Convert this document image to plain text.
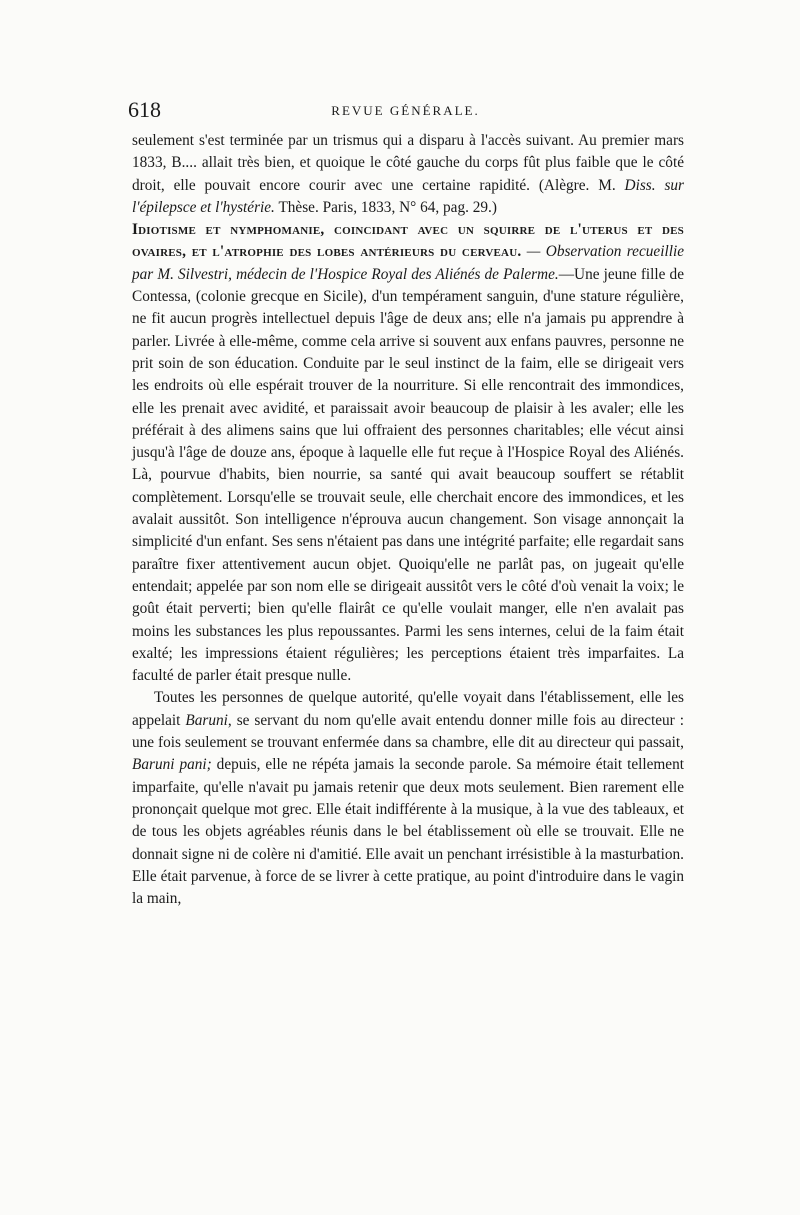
618	REVUE GÉNÉRALE.

seulement s'est terminée par un trismus qui a disparu à l'accès suivant. Au premier mars 1833, B.... allait très bien, et quoique le côté gauche du corps fût plus faible que le côté droit, elle pouvait encore courir avec une certaine rapidité. (Alègre. M. Diss. sur l'épilepsce et l'hystérie. Thèse. Paris, 1833, N° 64, pag. 29.)

Idiotisme et nymphomanie, coincidant avec un squirre de l'uterus et des ovaires, et l'atrophie des lobes antérieurs du cerveau. — Observation recueillie par M. Silvestri, médecin de l'Hospice Royal des Aliénés de Palerme.—Une jeune fille de Contessa, (colonie grecque en Sicile), d'un tempérament sanguin, d'une stature régulière, ne fit aucun progrès intellectuel depuis l'âge de deux ans; elle n'a jamais pu apprendre à parler. Livrée à elle-même, comme cela arrive si souvent aux enfans pauvres, personne ne prit soin de son éducation. Conduite par le seul instinct de la faim, elle se dirigeait vers les endroits où elle espérait trouver de la nourriture. Si elle rencontrait des immondices, elle les prenait avec avidité, et paraissait avoir beaucoup de plaisir à les avaler; elle les préférait à des alimens sains que lui offraient des personnes charitables; elle vécut ainsi jusqu'à l'âge de douze ans, époque à laquelle elle fut reçue à l'Hospice Royal des Aliénés. Là, pourvue d'habits, bien nourrie, sa santé qui avait beaucoup souffert se rétablit complètement. Lorsqu'elle se trouvait seule, elle cherchait encore des immondices, et les avalait aussitôt. Son intelligence n'éprouva aucun changement. Son visage annonçait la simplicité d'un enfant. Ses sens n'étaient pas dans une intégrité parfaite; elle regardait sans paraître fixer attentivement aucun objet. Quoiqu'elle ne parlât pas, on jugeait qu'elle entendait; appelée par son nom elle se dirigeait aussitôt vers le côté d'où venait la voix; le goût était perverti; bien qu'elle flairât ce qu'elle voulait manger, elle n'en avalait pas moins les substances les plus repoussantes. Parmi les sens internes, celui de la faim était exalté; les impressions étaient régulières; les perceptions étaient très imparfaites. La faculté de parler était presque nulle.

Toutes les personnes de quelque autorité, qu'elle voyait dans l'établissement, elle les appelait Baruni, se servant du nom qu'elle avait entendu donner mille fois au directeur : une fois seulement se trouvant enfermée dans sa chambre, elle dit au directeur qui passait, Baruni pani; depuis, elle ne répéta jamais la seconde parole. Sa mémoire était tellement imparfaite, qu'elle n'avait pu jamais retenir que deux mots seulement. Bien rarement elle prononçait quelque mot grec. Elle était indifférente à la musique, à la vue des tableaux, et de tous les objets agréables réunis dans le bel établissement où elle se trouvait. Elle ne donnait signe ni de colère ni d'amitié. Elle avait un penchant irrésistible à la masturbation. Elle était parvenue, à force de se livrer à cette pratique, au point d'introduire dans le vagin la main,
